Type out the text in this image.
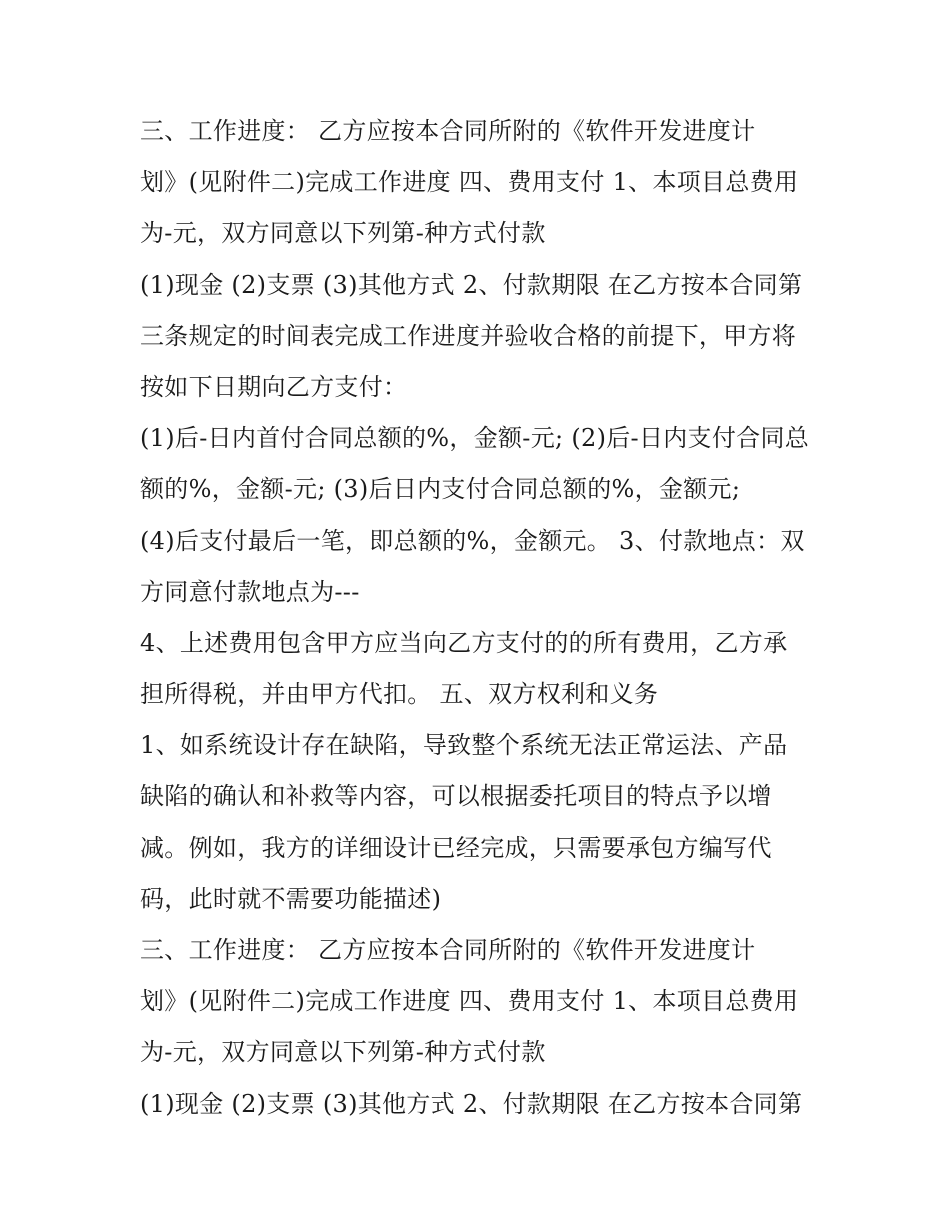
三、工作进度： 乙方应按本合同所附的《软件开发进度计
划》(见附件二)完成工作进度 四、费用支付 1、本项目总费用
为-元，双方同意以下列第-种方式付款
(1)现金 (2)支票 (3)其他方式 2、付款期限 在乙方按本合同第
三条规定的时间表完成工作进度并验收合格的前提下，甲方将
按如下日期向乙方支付：
(1)后-日内首付合同总额的%，金额-元; (2)后-日内支付合同总
额的%，金额-元; (3)后日内支付合同总额的%，金额元;
(4)后支付最后一笔，即总额的%，金额元。 3、付款地点：双
方同意付款地点为---
4、上述费用包含甲方应当向乙方支付的的所有费用，乙方承
担所得税，并由甲方代扣。 五、双方权利和义务
1、如系统设计存在缺陷，导致整个系统无法正常运法、产品
缺陷的确认和补救等内容，可以根据委托项目的特点予以增
减。例如，我方的详细设计已经完成，只需要承包方编写代
码，此时就不需要功能描述)
三、工作进度： 乙方应按本合同所附的《软件开发进度计
划》(见附件二)完成工作进度 四、费用支付 1、本项目总费用
为-元，双方同意以下列第-种方式付款
(1)现金 (2)支票 (3)其他方式 2、付款期限 在乙方按本合同第
